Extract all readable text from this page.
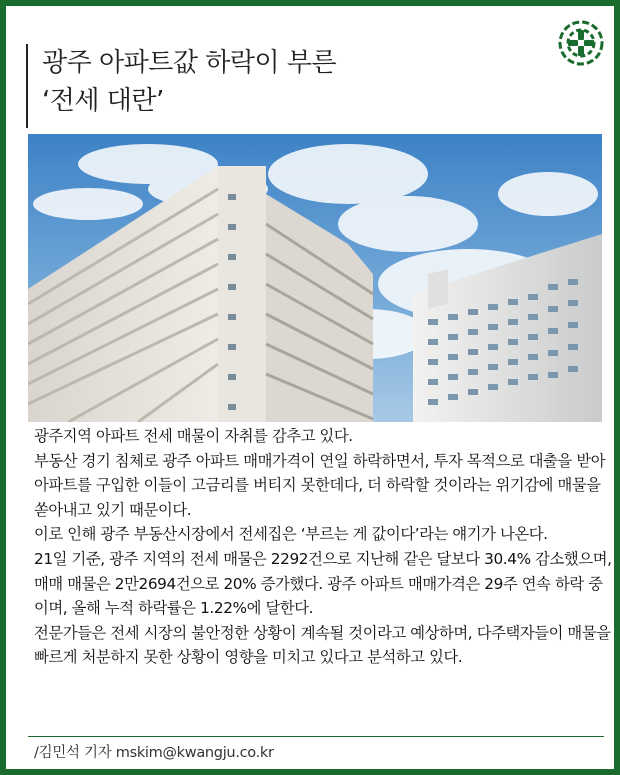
광주 아파트값 하락이 부른
‘전세 대란’

광주지역 아파트 전세 매물이 자취를 감추고 있다.

부동산 경기 침체로 광주 아파트 매매가격이 연일 하락하면서, 투자 목적으로 대출을 받아 아파트를 구입한 이들이 고금리를 버티지 못한데다, 더 하락할 것이라는 위기감에 매물을 쏟아내고 있기 때문이다.

이로 인해 광주 부동산시장에서 전세집은 ‘부르는 게 값이다’라는 얘기가 나온다.

21일 기준, 광주 지역의 전세 매물은 2292건으로 지난해 같은 달보다 30.4% 감소했으며, 매매 매물은 2만2694건으로 20% 증가했다. 광주 아파트 매매가격은 29주 연속 하락 중이며, 올해 누적 하락률은 1.22%에 달한다.

전문가들은 전세 시장의 불안정한 상황이 계속될 것이라고 예상하며, 다주택자들이 매물을 빠르게 처분하지 못한 상황이 영향을 미치고 있다고 분석하고 있다.

/김민석 기자 mskim@kwangju.co.kr
